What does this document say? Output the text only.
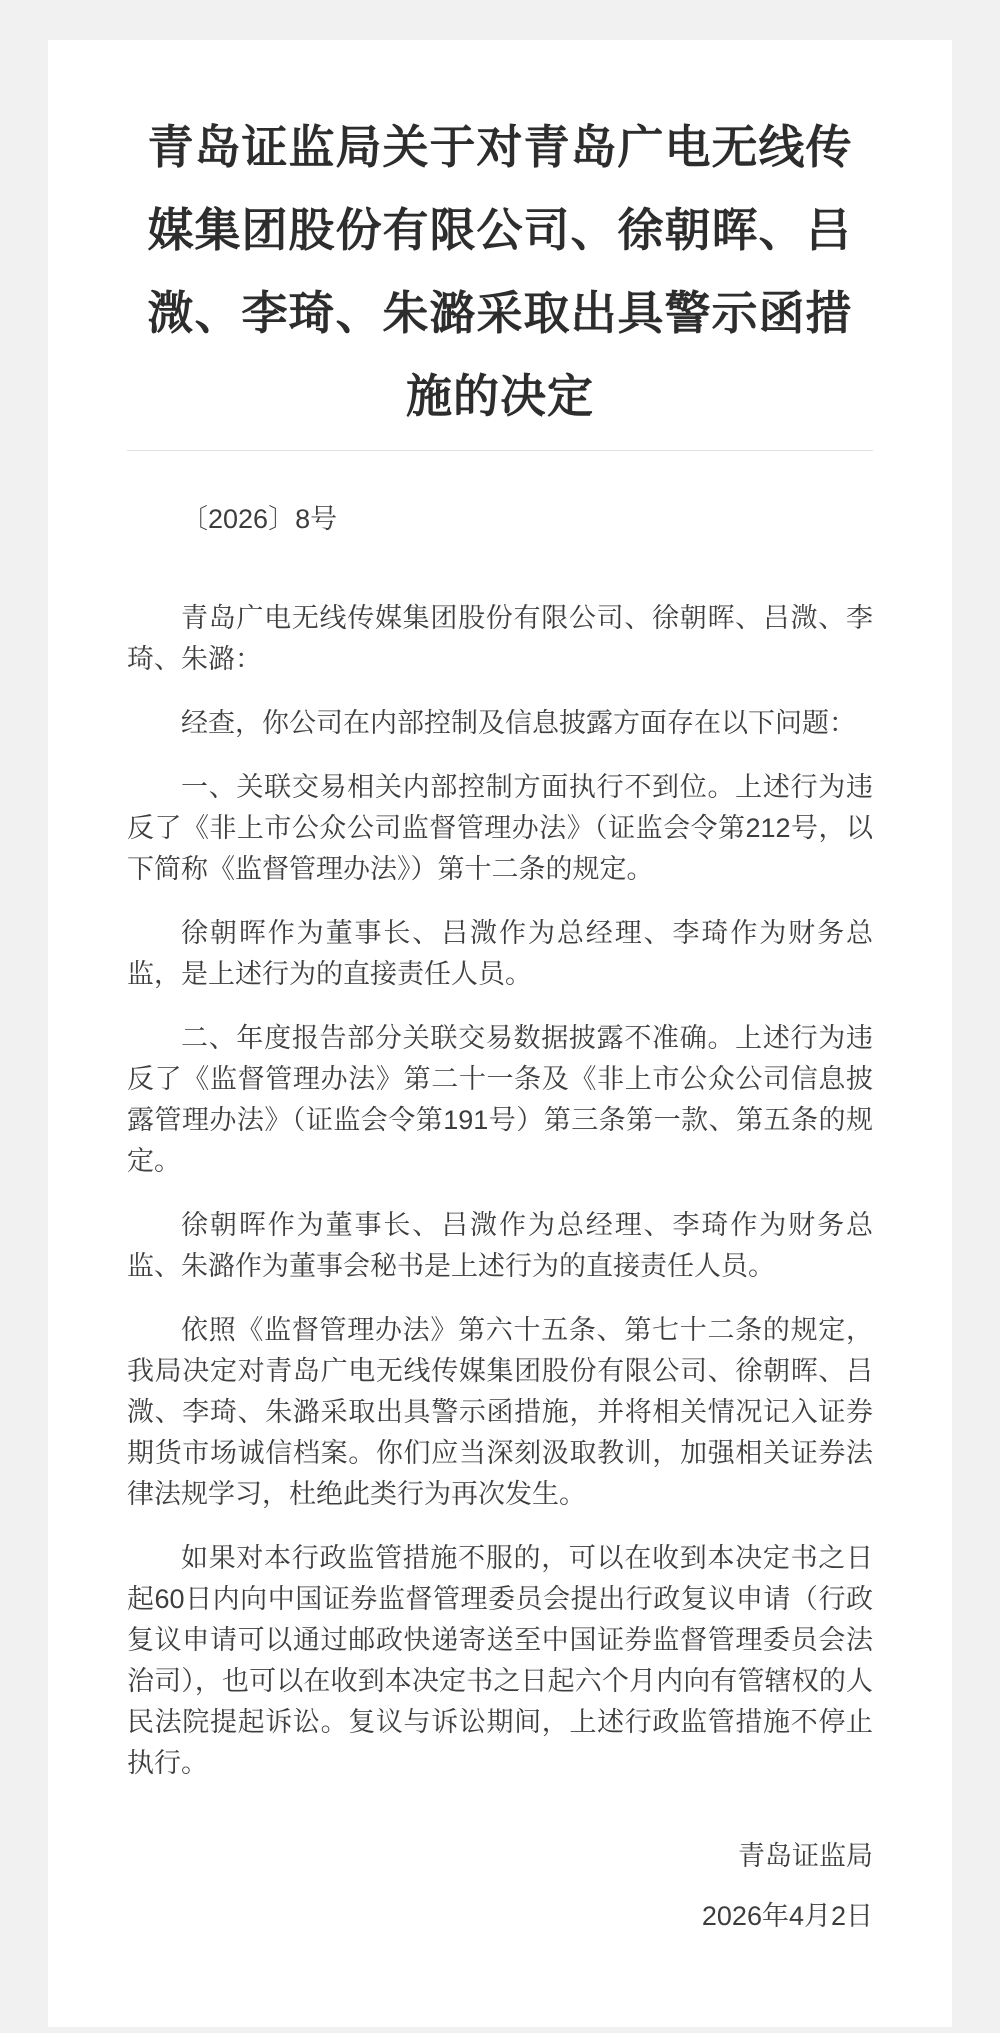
青岛证监局关于对青岛广电无线传媒集团股份有限公司、徐朝晖、吕溦、李琦、朱潞采取出具警示函措施的决定

〔2026〕8号

青岛广电无线传媒集团股份有限公司、徐朝晖、吕溦、李琦、朱潞：

经查，你公司在内部控制及信息披露方面存在以下问题：

一、关联交易相关内部控制方面执行不到位。上述行为违反了《非上市公众公司监督管理办法》（证监会令第212号，以下简称《监督管理办法》）第十二条的规定。

徐朝晖作为董事长、吕溦作为总经理、李琦作为财务总监，是上述行为的直接责任人员。

二、年度报告部分关联交易数据披露不准确。上述行为违反了《监督管理办法》第二十一条及《非上市公众公司信息披露管理办法》（证监会令第191号）第三条第一款、第五条的规定。

徐朝晖作为董事长、吕溦作为总经理、李琦作为财务总监、朱潞作为董事会秘书是上述行为的直接责任人员。

依照《监督管理办法》第六十五条、第七十二条的规定，我局决定对青岛广电无线传媒集团股份有限公司、徐朝晖、吕溦、李琦、朱潞采取出具警示函措施，并将相关情况记入证券期货市场诚信档案。你们应当深刻汲取教训，加强相关证券法律法规学习，杜绝此类行为再次发生。

如果对本行政监管措施不服的，可以在收到本决定书之日起60日内向中国证券监督管理委员会提出行政复议申请（行政复议申请可以通过邮政快递寄送至中国证券监督管理委员会法治司），也可以在收到本决定书之日起六个月内向有管辖权的人民法院提起诉讼。复议与诉讼期间，上述行政监管措施不停止执行。

青岛证监局

2026年4月2日
